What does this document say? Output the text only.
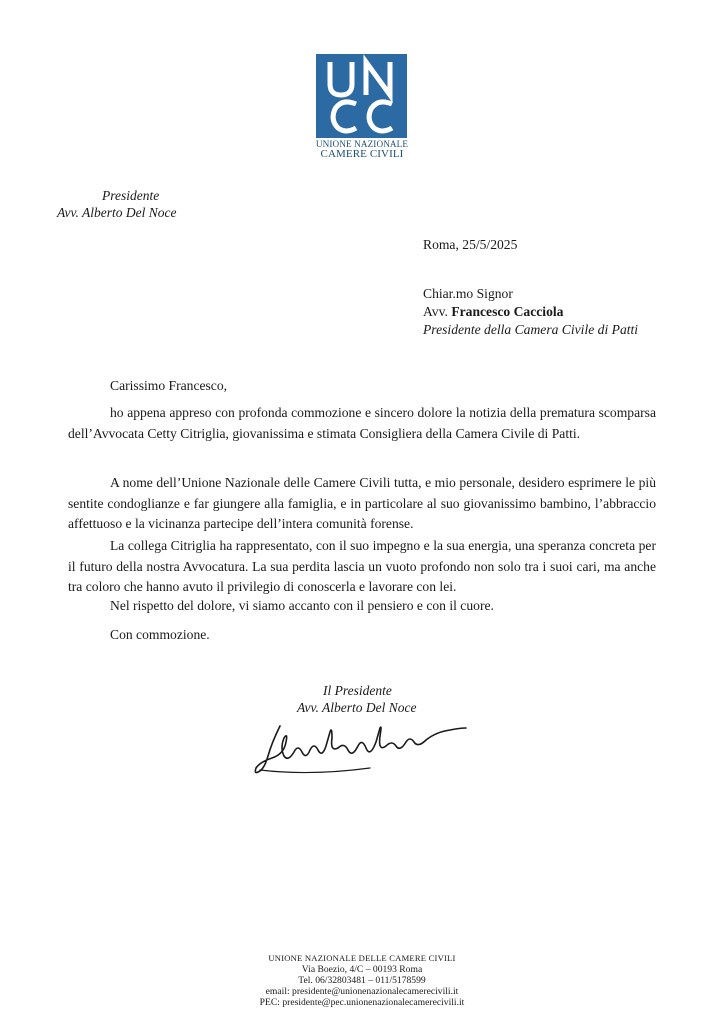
UNIONE NAZIONALE
CAMERE CIVILI
Presidente
Avv. Alberto Del Noce
Roma, 25/5/2025
Chiar.mo Signor
Avv. Francesco Cacciola
Presidente della Camera Civile di Patti
Carissimo Francesco,
ho appena appreso con profonda commozione e sincero dolore la notizia della prematura scomparsa dell’Avvocata Cetty Citriglia, giovanissima e stimata Consigliera della Camera Civile di Patti.
A nome dell’Unione Nazionale delle Camere Civili tutta, e mio personale, desidero esprimere le più sentite condoglianze e far giungere alla famiglia, e in particolare al suo giovanissimo bambino, l’abbraccio affettuoso e la vicinanza partecipe dell’intera comunità forense.
La collega Citriglia ha rappresentato, con il suo impegno e la sua energia, una speranza concreta per il futuro della nostra Avvocatura. La sua perdita lascia un vuoto profondo non solo tra i suoi cari, ma anche tra coloro che hanno avuto il privilegio di conoscerla e lavorare con lei.
Nel rispetto del dolore, vi siamo accanto con il pensiero e con il cuore.
Con commozione.
Il Presidente
Avv. Alberto Del Noce
UNIONE NAZIONALE DELLE CAMERE CIVILI
Via Boezio, 4/C – 00193 Roma
Tel. 06/32803481 – 011/5178599
email: presidente@unionenazionalecamerecivili.it
PEC: presidente@pec.unionenazionalecamerecivili.it
